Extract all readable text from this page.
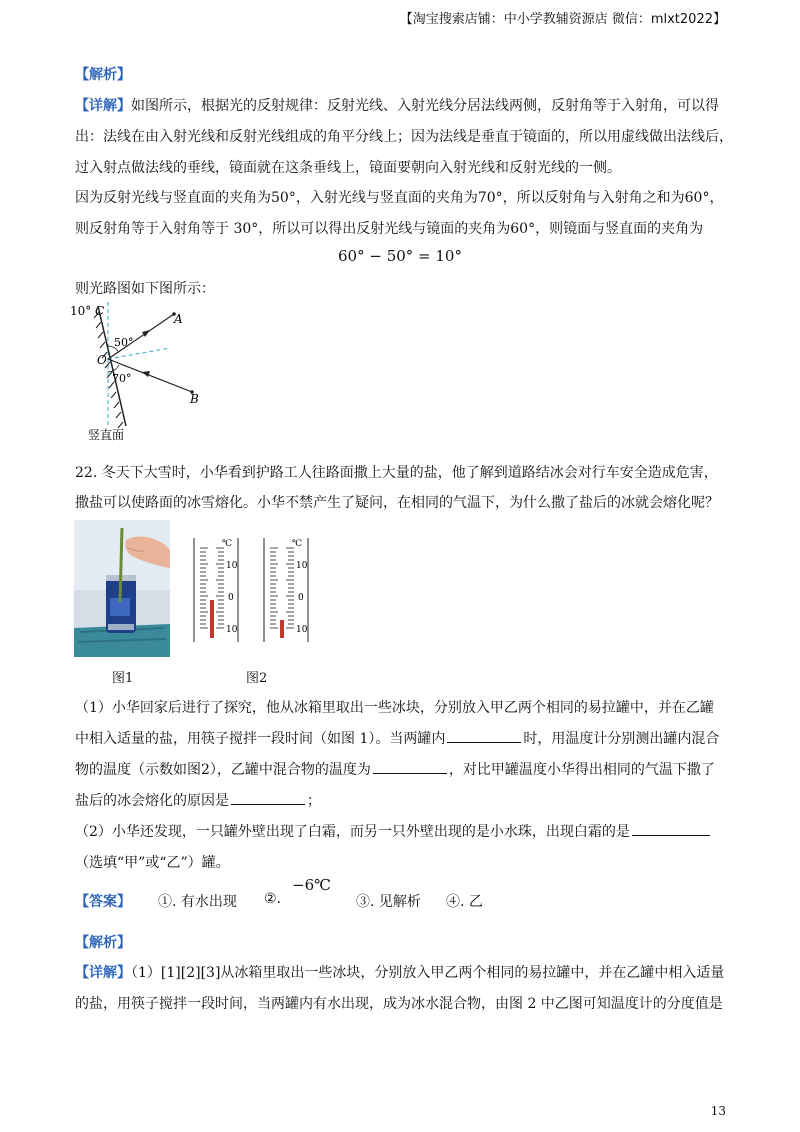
【淘宝搜索店铺：中小学教辅资源店 微信：mlxt2022】
【解析】
【详解】如图所示，根据光的反射规律：反射光线、入射光线分居法线两侧，反射角等于入射角，可以得
出：法线在由入射光线和反射光线组成的角平分线上；因为法线是垂直于镜面的，所以用虚线做出法线后，
过入射点做法线的垂线，镜面就在这条垂线上，镜面要朝向入射光线和反射光线的一侧。
因为反射光线与竖直面的夹角为50°，入射光线与竖直面的夹角为70°，所以反射角与入射角之和为60°，
则反射角等于入射角等于 30°，所以可以得出反射光线与镜面的夹角为60°，则镜面与竖直面的夹角为
60° − 50° = 10°
则光路图如下图所示：
10° C
A
B
O
50°
70°
竖直面
22. 冬天下大雪时，小华看到护路工人往路面撒上大量的盐，他了解到道路结冰会对行车安全造成危害，
撒盐可以使路面的冰雪熔化。小华不禁产生了疑问，在相同的气温下，为什么撒了盐后的冰就会熔化呢？
℃
10
0
10
℃
10
0
10
图1	图2
（1）小华回家后进行了探究，他从冰箱里取出一些冰块，分别放入甲乙两个相同的易拉罐中，并在乙罐
中相入适量的盐，用筷子搅拌一段时间（如图 1）。当两罐内	时，用温度计分别测出罐内混合
物的温度（示数如图2），乙罐中混合物的温度为	，对比甲罐温度小华得出相同的气温下撒了
盐后的冰会熔化的原因是	；
（2）小华还发现，一只罐外壁出现了白霜，而另一只外壁出现的是小水珠，出现白霜的是
（选填“甲”或“乙”）罐。
【答案】 ①. 有水出现 ②.
−6℃
③. 见解析 ④. 乙
【解析】
【详解】（1）[1][2][3]从冰箱里取出一些冰块，分别放入甲乙两个相同的易拉罐中，并在乙罐中相入适量
的盐，用筷子搅拌一段时间，当两罐内有水出现，成为冰水混合物，由图 2 中乙图可知温度计的分度值是
13
